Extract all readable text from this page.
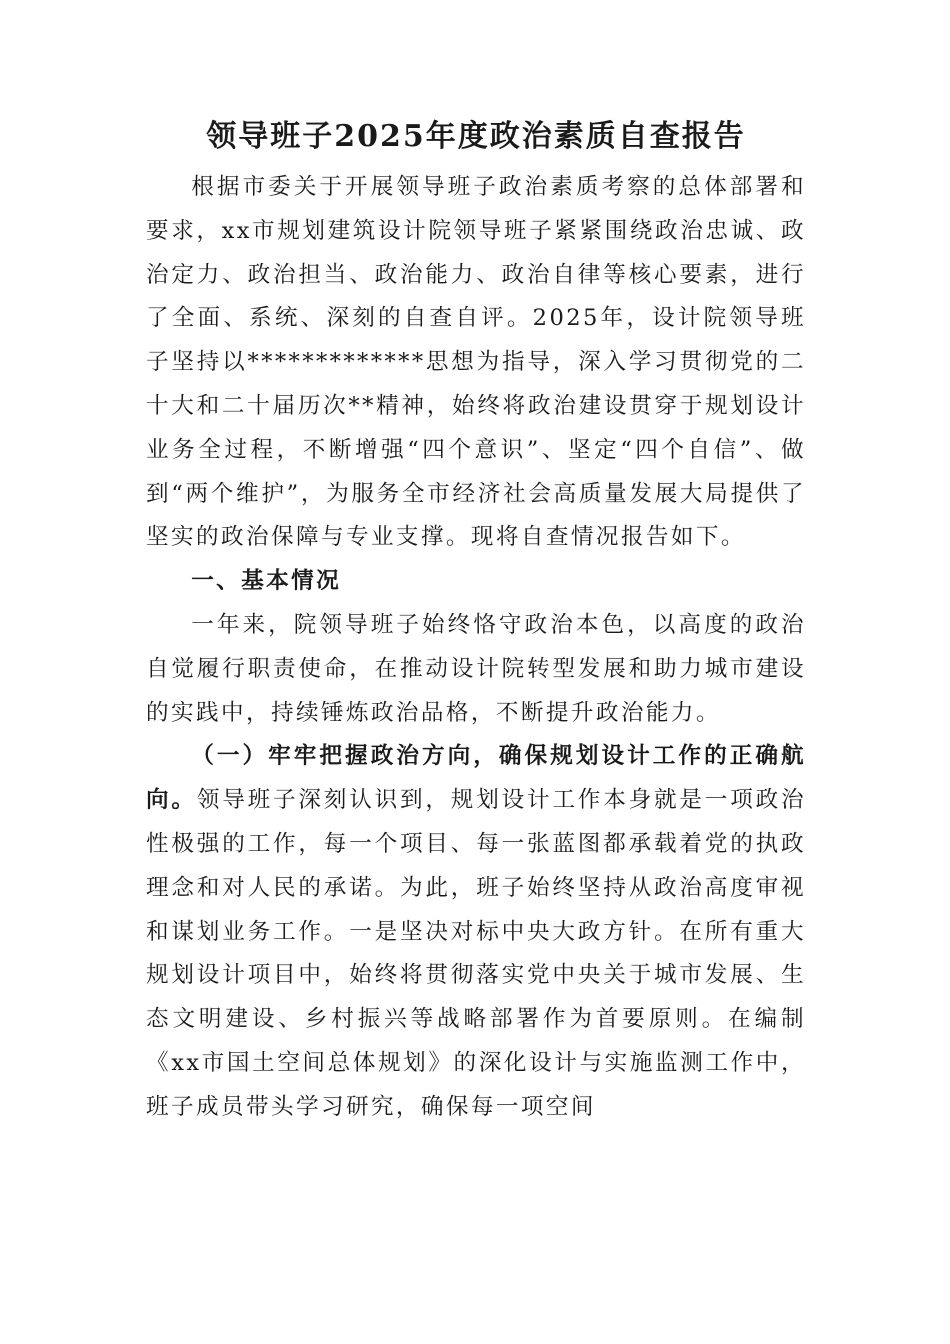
领导班子2025年度政治素质自查报告

根据市委关于开展领导班子政治素质考察的总体部署和要求，xx市规划建筑设计院领导班子紧紧围绕政治忠诚、政治定力、政治担当、政治能力、政治自律等核心要素，进行了全面、系统、深刻的自查自评。2025年，设计院领导班子坚持以*************思想为指导，深入学习贯彻党的二十大和二十届历次**精神，始终将政治建设贯穿于规划设计业务全过程，不断增强“四个意识”、坚定“四个自信”、做到“两个维护”，为服务全市经济社会高质量发展大局提供了坚实的政治保障与专业支撑。现将自查情况报告如下。

一、基本情况

一年来，院领导班子始终恪守政治本色，以高度的政治自觉履行职责使命，在推动设计院转型发展和助力城市建设的实践中，持续锤炼政治品格，不断提升政治能力。

（一）牢牢把握政治方向，确保规划设计工作的正确航向。领导班子深刻认识到，规划设计工作本身就是一项政治性极强的工作，每一个项目、每一张蓝图都承载着党的执政理念和对人民的承诺。为此，班子始终坚持从政治高度审视和谋划业务工作。一是坚决对标中央大政方针。在所有重大规划设计项目中，始终将贯彻落实党中央关于城市发展、生态文明建设、乡村振兴等战略部署作为首要原则。在编制《xx市国土空间总体规划》的深化设计与实施监测工作中，班子成员带头学习研究，确保每一项空间
